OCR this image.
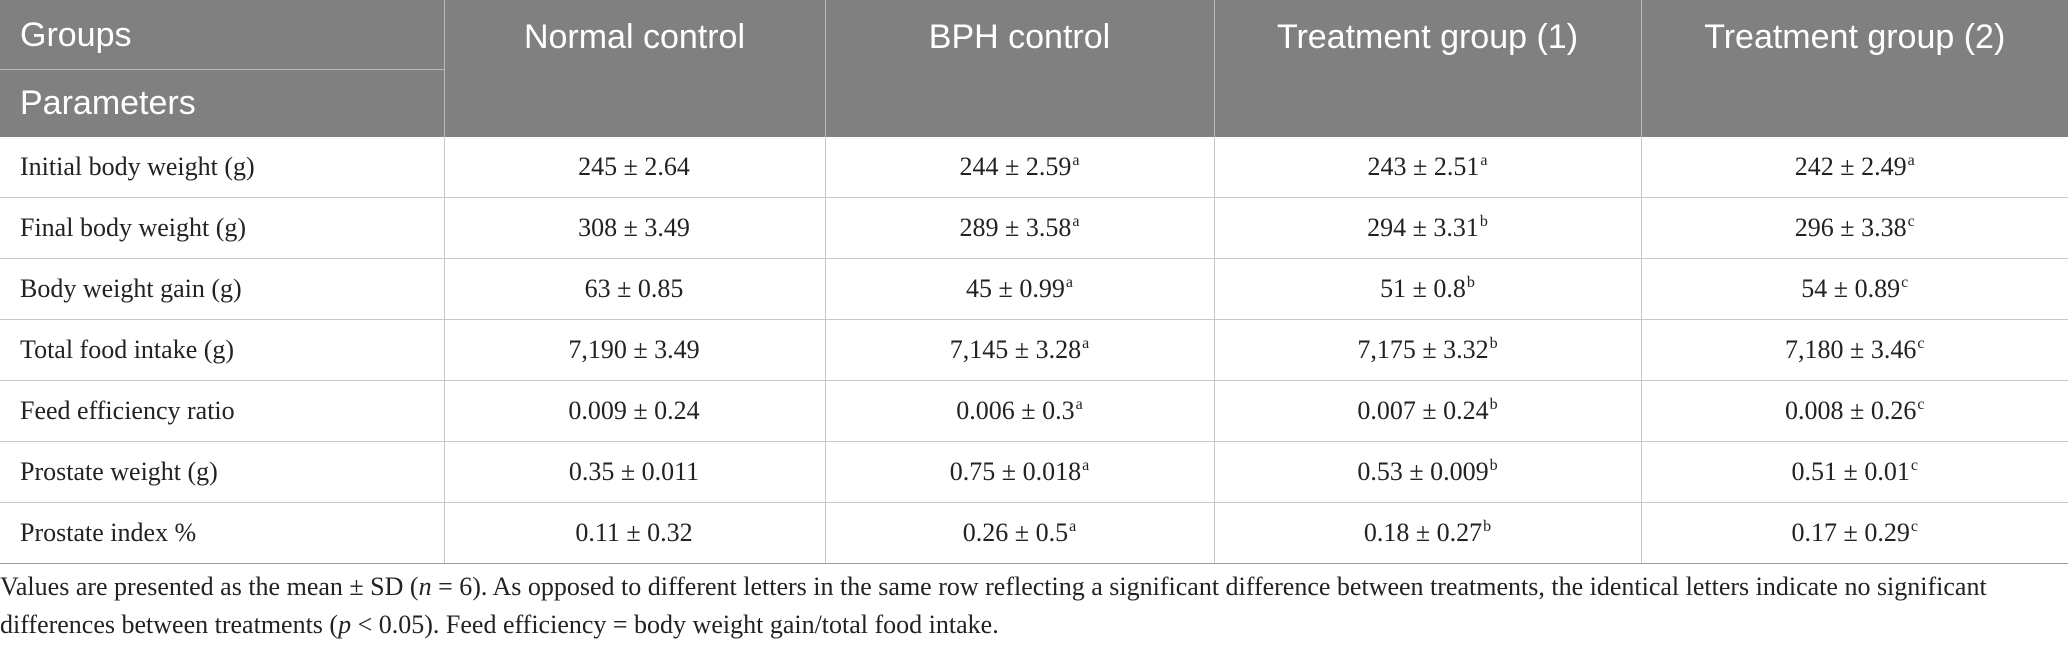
Groups
Parameters	Normal control	BPH control	Treatment group (1)	Treatment group (2)
Initial body weight (g)	245 ± 2.64	244 ± 2.59$^a$	243 ± 2.51$^a$	242 ± 2.49$^a$
Final body weight (g)	308 ± 3.49	289 ± 3.58$^a$	294 ± 3.31$^b$	296 ± 3.38$^c$
Body weight gain (g)	63 ± 0.85	45 ± 0.99$^a$	51 ± 0.8$^b$	54 ± 0.89$^c$
Total food intake (g)	7,190 ± 3.49	7,145 ± 3.28$^a$	7,175 ± 3.32$^b$	7,180 ± 3.46$^c$
Feed efficiency ratio	0.009 ± 0.24	0.006 ± 0.3$^a$	0.007 ± 0.24$^b$	0.008 ± 0.26$^c$
Prostate weight (g)	0.35 ± 0.011	0.75 ± 0.018$^a$	0.53 ± 0.009$^b$	0.51 ± 0.01$^c$
Prostate index %	0.11 ± 0.32	0.26 ± 0.5$^a$	0.18 ± 0.27$^b$	0.17 ± 0.29$^c$
Values are presented as the mean ± SD (n = 6). As opposed to different letters in the same row reflecting a significant difference between treatments, the identical letters indicate no significant differences between treatments (p < 0.05). Feed efficiency = body weight gain/total food intake.
